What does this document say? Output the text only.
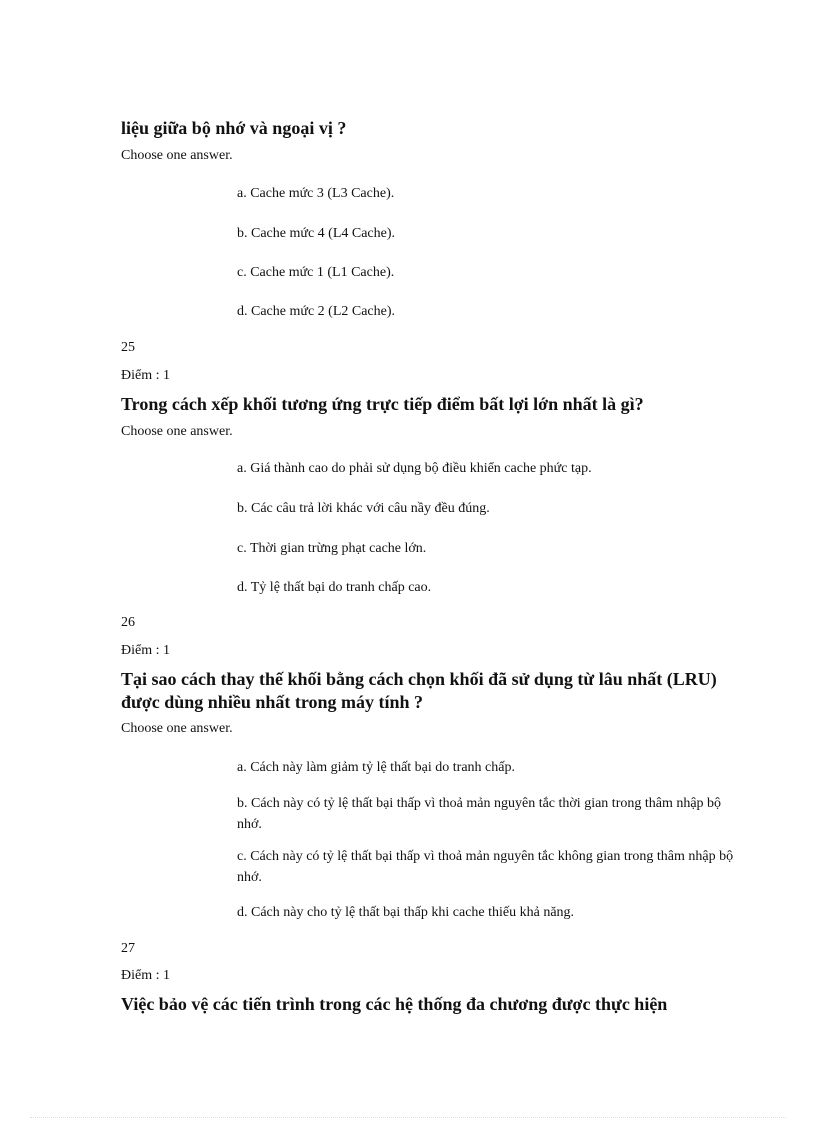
liệu giữa bộ nhớ và ngoại vị ?
Choose one answer.
a. Cache mức 3 (L3 Cache).
b. Cache mức 4 (L4 Cache).
c. Cache mức 1 (L1 Cache).
d. Cache mức 2 (L2 Cache).
25
Điểm : 1
Trong cách xếp khối tương ứng trực tiếp điểm bất lợi lớn nhất là gì?
Choose one answer.
a. Giá thành cao do phải sử dụng bộ điều khiển cache phức tạp.
b. Các câu trả lời khác với câu nầy đều đúng.
c. Thời gian trừng phạt cache lớn.
d. Tỷ lệ thất bại do tranh chấp cao.
26
Điểm : 1
Tại sao cách thay thế khối bằng cách chọn khối đã sử dụng từ lâu nhất (LRU) được dùng nhiều nhất trong máy tính ?
Choose one answer.
a. Cách này làm giảm tỷ lệ thất bại do tranh chấp.
b. Cách này có tỷ lệ thất bại thấp vì thoả mản nguyên tắc thời gian trong thâm nhập bộ nhớ.
c. Cách này có tỷ lệ thất bại thấp vì thoả mản nguyên tắc không gian trong thâm nhập bộ nhớ.
d. Cách này cho tỷ lệ thất bại thấp khi cache thiếu khả năng.
27
Điểm : 1
Việc bảo vệ các tiến trình trong các hệ thống đa chương được thực hiện
